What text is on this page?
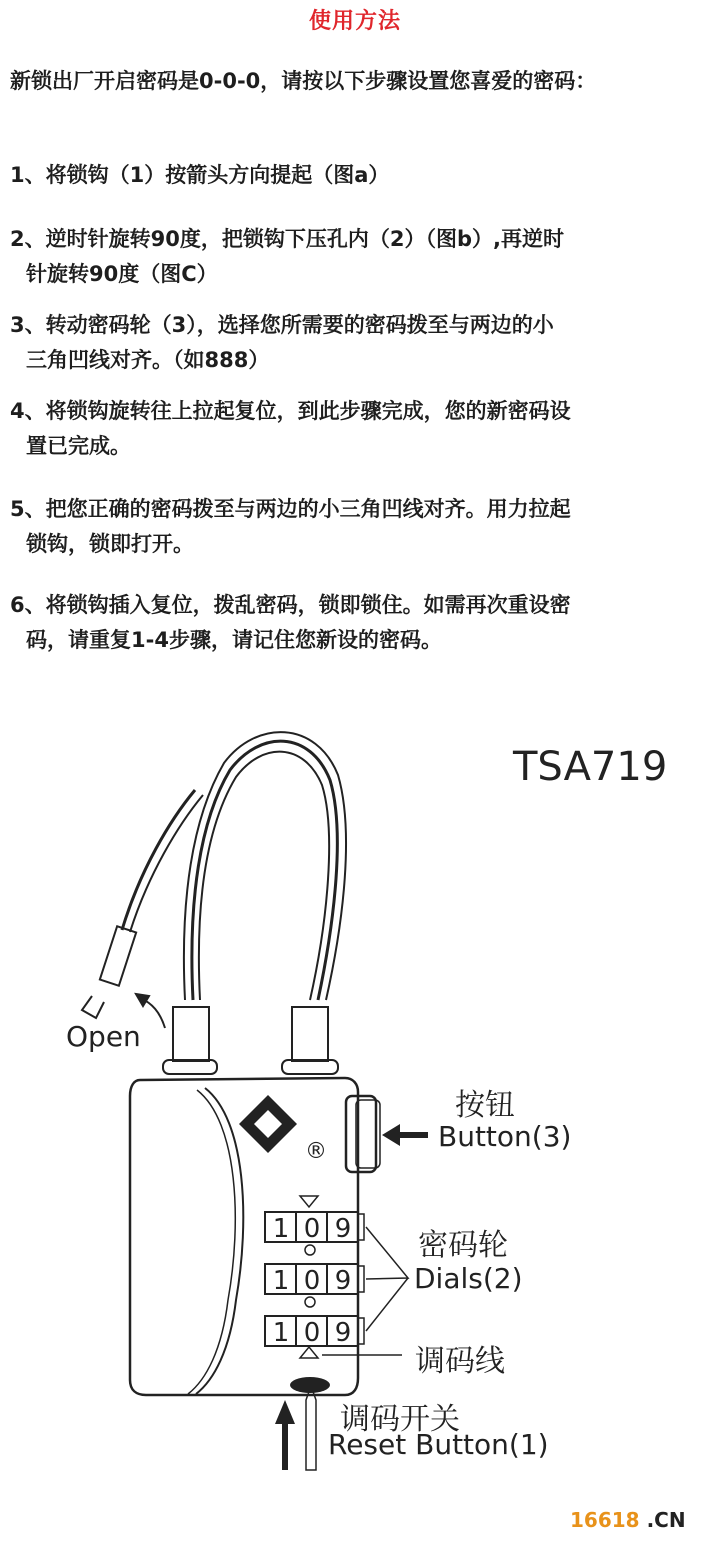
使用方法
新锁出厂开启密码是0-0-0，请按以下步骤设置您喜爱的密码：
1、将锁钩（1）按箭头方向提起（图a）
2、逆时针旋转90度，把锁钩下压孔内（2）（图b）,再逆时
针旋转90度（图C）
3、转动密码轮（3），选择您所需要的密码拨至与两边的小
三角凹线对齐。（如888）
4、将锁钩旋转往上拉起复位，到此步骤完成，您的新密码设
置已完成。
5、把您正确的密码拨至与两边的小三角凹线对齐。用力拉起
锁钩，锁即打开。
6、将锁钩插入复位，拨乱密码，锁即锁住。如需再次重设密
码，请重复1-4步骤，请记住您新设的密码。
1 0 9
1 0 9
1 0 9
®
TSA719
Open
按钮
Button(3)
密码轮
Dials(2)
调码线
调码开关
Reset Button(1)
16618 .CN
